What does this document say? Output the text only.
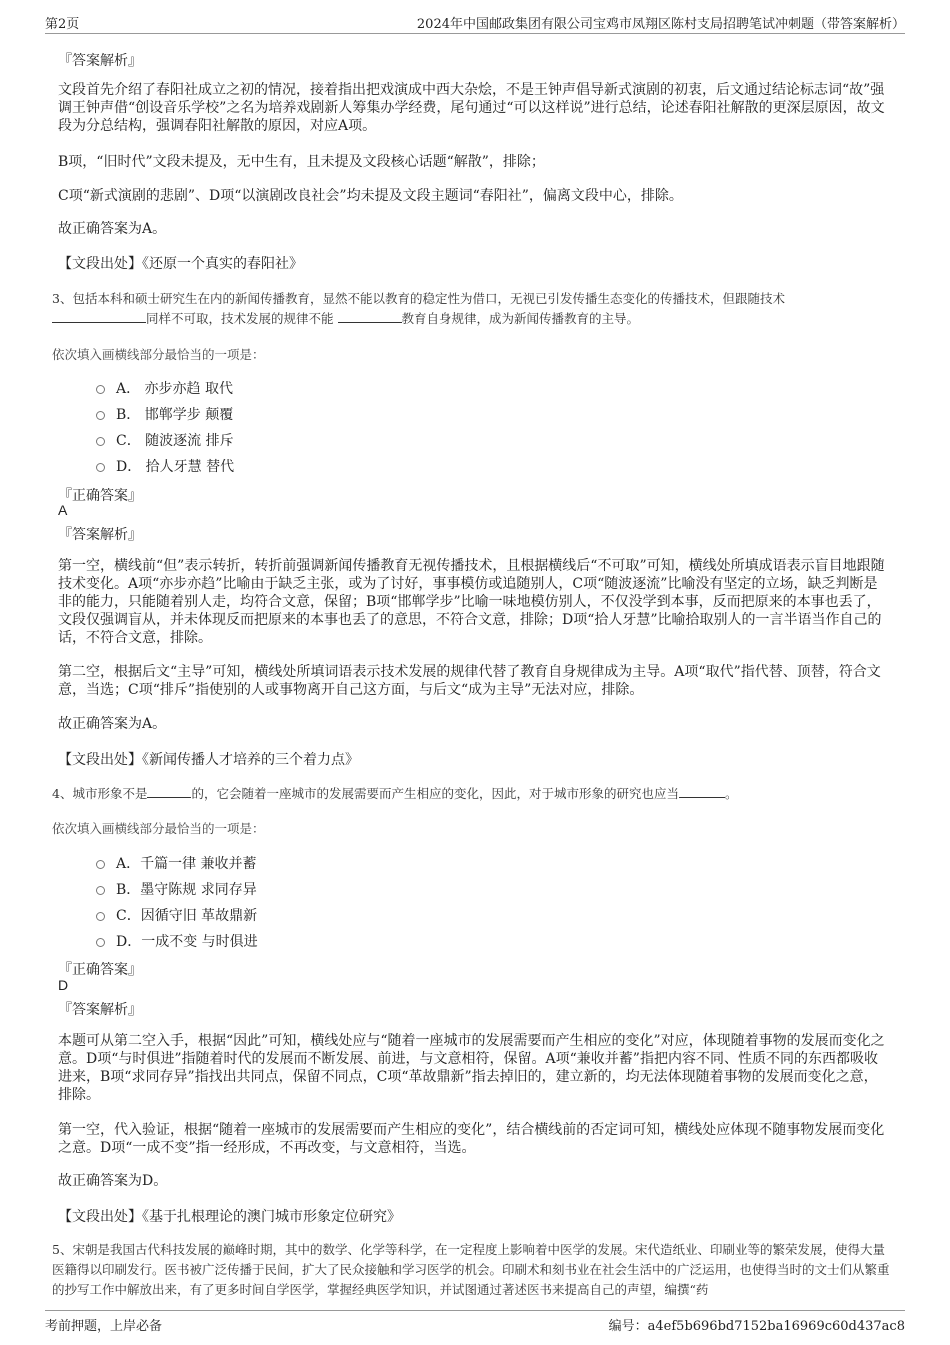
第2页	2024年中国邮政集团有限公司宝鸡市凤翔区陈村支局招聘笔试冲刺题（带答案解析）
『答案解析』
文段首先介绍了春阳社成立之初的情况，接着指出把戏演成中西大杂烩，不是王钟声倡导新式演剧的初衷，后文通过结论标志词“故”强调王钟声借“创设音乐学校”之名为培养戏剧新人筹集办学经费，尾句通过“可以这样说”进行总结，论述春阳社解散的更深层原因，故文段为分总结构，强调春阳社解散的原因，对应A项。
B项，“旧时代”文段未提及，无中生有，且未提及文段核心话题“解散”，排除；
C项“新式演剧的悲剧”、D项“以演剧改良社会”均未提及文段主题词“春阳社”，偏离文段中心，排除。
故正确答案为A。
【文段出处】《还原一个真实的春阳社》
3、包括本科和硕士研究生在内的新闻传播教育，显然不能以教育的稳定性为借口，无视已引发传播生态变化的传播技术，但跟随技术
同样不可取，技术发展的规律不能	教育自身规律，成为新闻传播教育的主导。
依次填入画横线部分最恰当的一项是：
A． 亦步亦趋 取代
B． 邯郸学步 颠覆
C． 随波逐流 排斥
D． 拾人牙慧 替代
『正确答案』
A
『答案解析』
第一空，横线前“但”表示转折，转折前强调新闻传播教育无视传播技术，且根据横线后“不可取”可知，横线处所填成语表示盲目地跟随技术变化。A项“亦步亦趋”比喻由于缺乏主张，或为了讨好，事事模仿或追随别人，C项“随波逐流”比喻没有坚定的立场，缺乏判断是非的能力，只能随着别人走，均符合文意，保留；B项“邯郸学步”比喻一味地模仿别人，不仅没学到本事，反而把原来的本事也丢了，文段仅强调盲从，并未体现反而把原来的本事也丢了的意思，不符合文意，排除；D项“拾人牙慧”比喻拾取别人的一言半语当作自己的话，不符合文意，排除。
第二空，根据后文“主导”可知，横线处所填词语表示技术发展的规律代替了教育自身规律成为主导。A项“取代”指代替、顶替，符合文意，当选；C项“排斥”指使别的人或事物离开自己这方面，与后文“成为主导”无法对应，排除。
故正确答案为A。
【文段出处】《新闻传播人才培养的三个着力点》
4、城市形象不是	的，它会随着一座城市的发展需要而产生相应的变化，因此，对于城市形象的研究也应当	。
依次填入画横线部分最恰当的一项是：
A．千篇一律 兼收并蓄
B．墨守陈规 求同存异
C．因循守旧 革故鼎新
D．一成不变 与时俱进
『正确答案』
D
『答案解析』
本题可从第二空入手，根据“因此”可知，横线处应与“随着一座城市的发展需要而产生相应的变化”对应，体现随着事物的发展而变化之意。D项“与时俱进”指随着时代的发展而不断发展、前进，与文意相符，保留。A项“兼收并蓄”指把内容不同、性质不同的东西都吸收进来，B项“求同存异”指找出共同点，保留不同点，C项“革故鼎新”指去掉旧的，建立新的，均无法体现随着事物的发展而变化之意，排除。
第一空，代入验证，根据“随着一座城市的发展需要而产生相应的变化”，结合横线前的否定词可知，横线处应体现不随事物发展而变化之意。D项“一成不变”指一经形成，不再改变，与文意相符，当选。
故正确答案为D。
【文段出处】《基于扎根理论的澳门城市形象定位研究》
5、宋朝是我国古代科技发展的巅峰时期，其中的数学、化学等科学，在一定程度上影响着中医学的发展。宋代造纸业、印刷业等的繁荣发展，使得大量医籍得以印刷发行。医书被广泛传播于民间，扩大了民众接触和学习医学的机会。印刷术和刻书业在社会生活中的广泛运用，也使得当时的文士们从繁重的抄写工作中解放出来，有了更多时间自学医学，掌握经典医学知识，并试图通过著述医书来提高自己的声望，编撰“药
考前押题，上岸必备	编号：a4ef5b696bd7152ba16969c60d437ac8
